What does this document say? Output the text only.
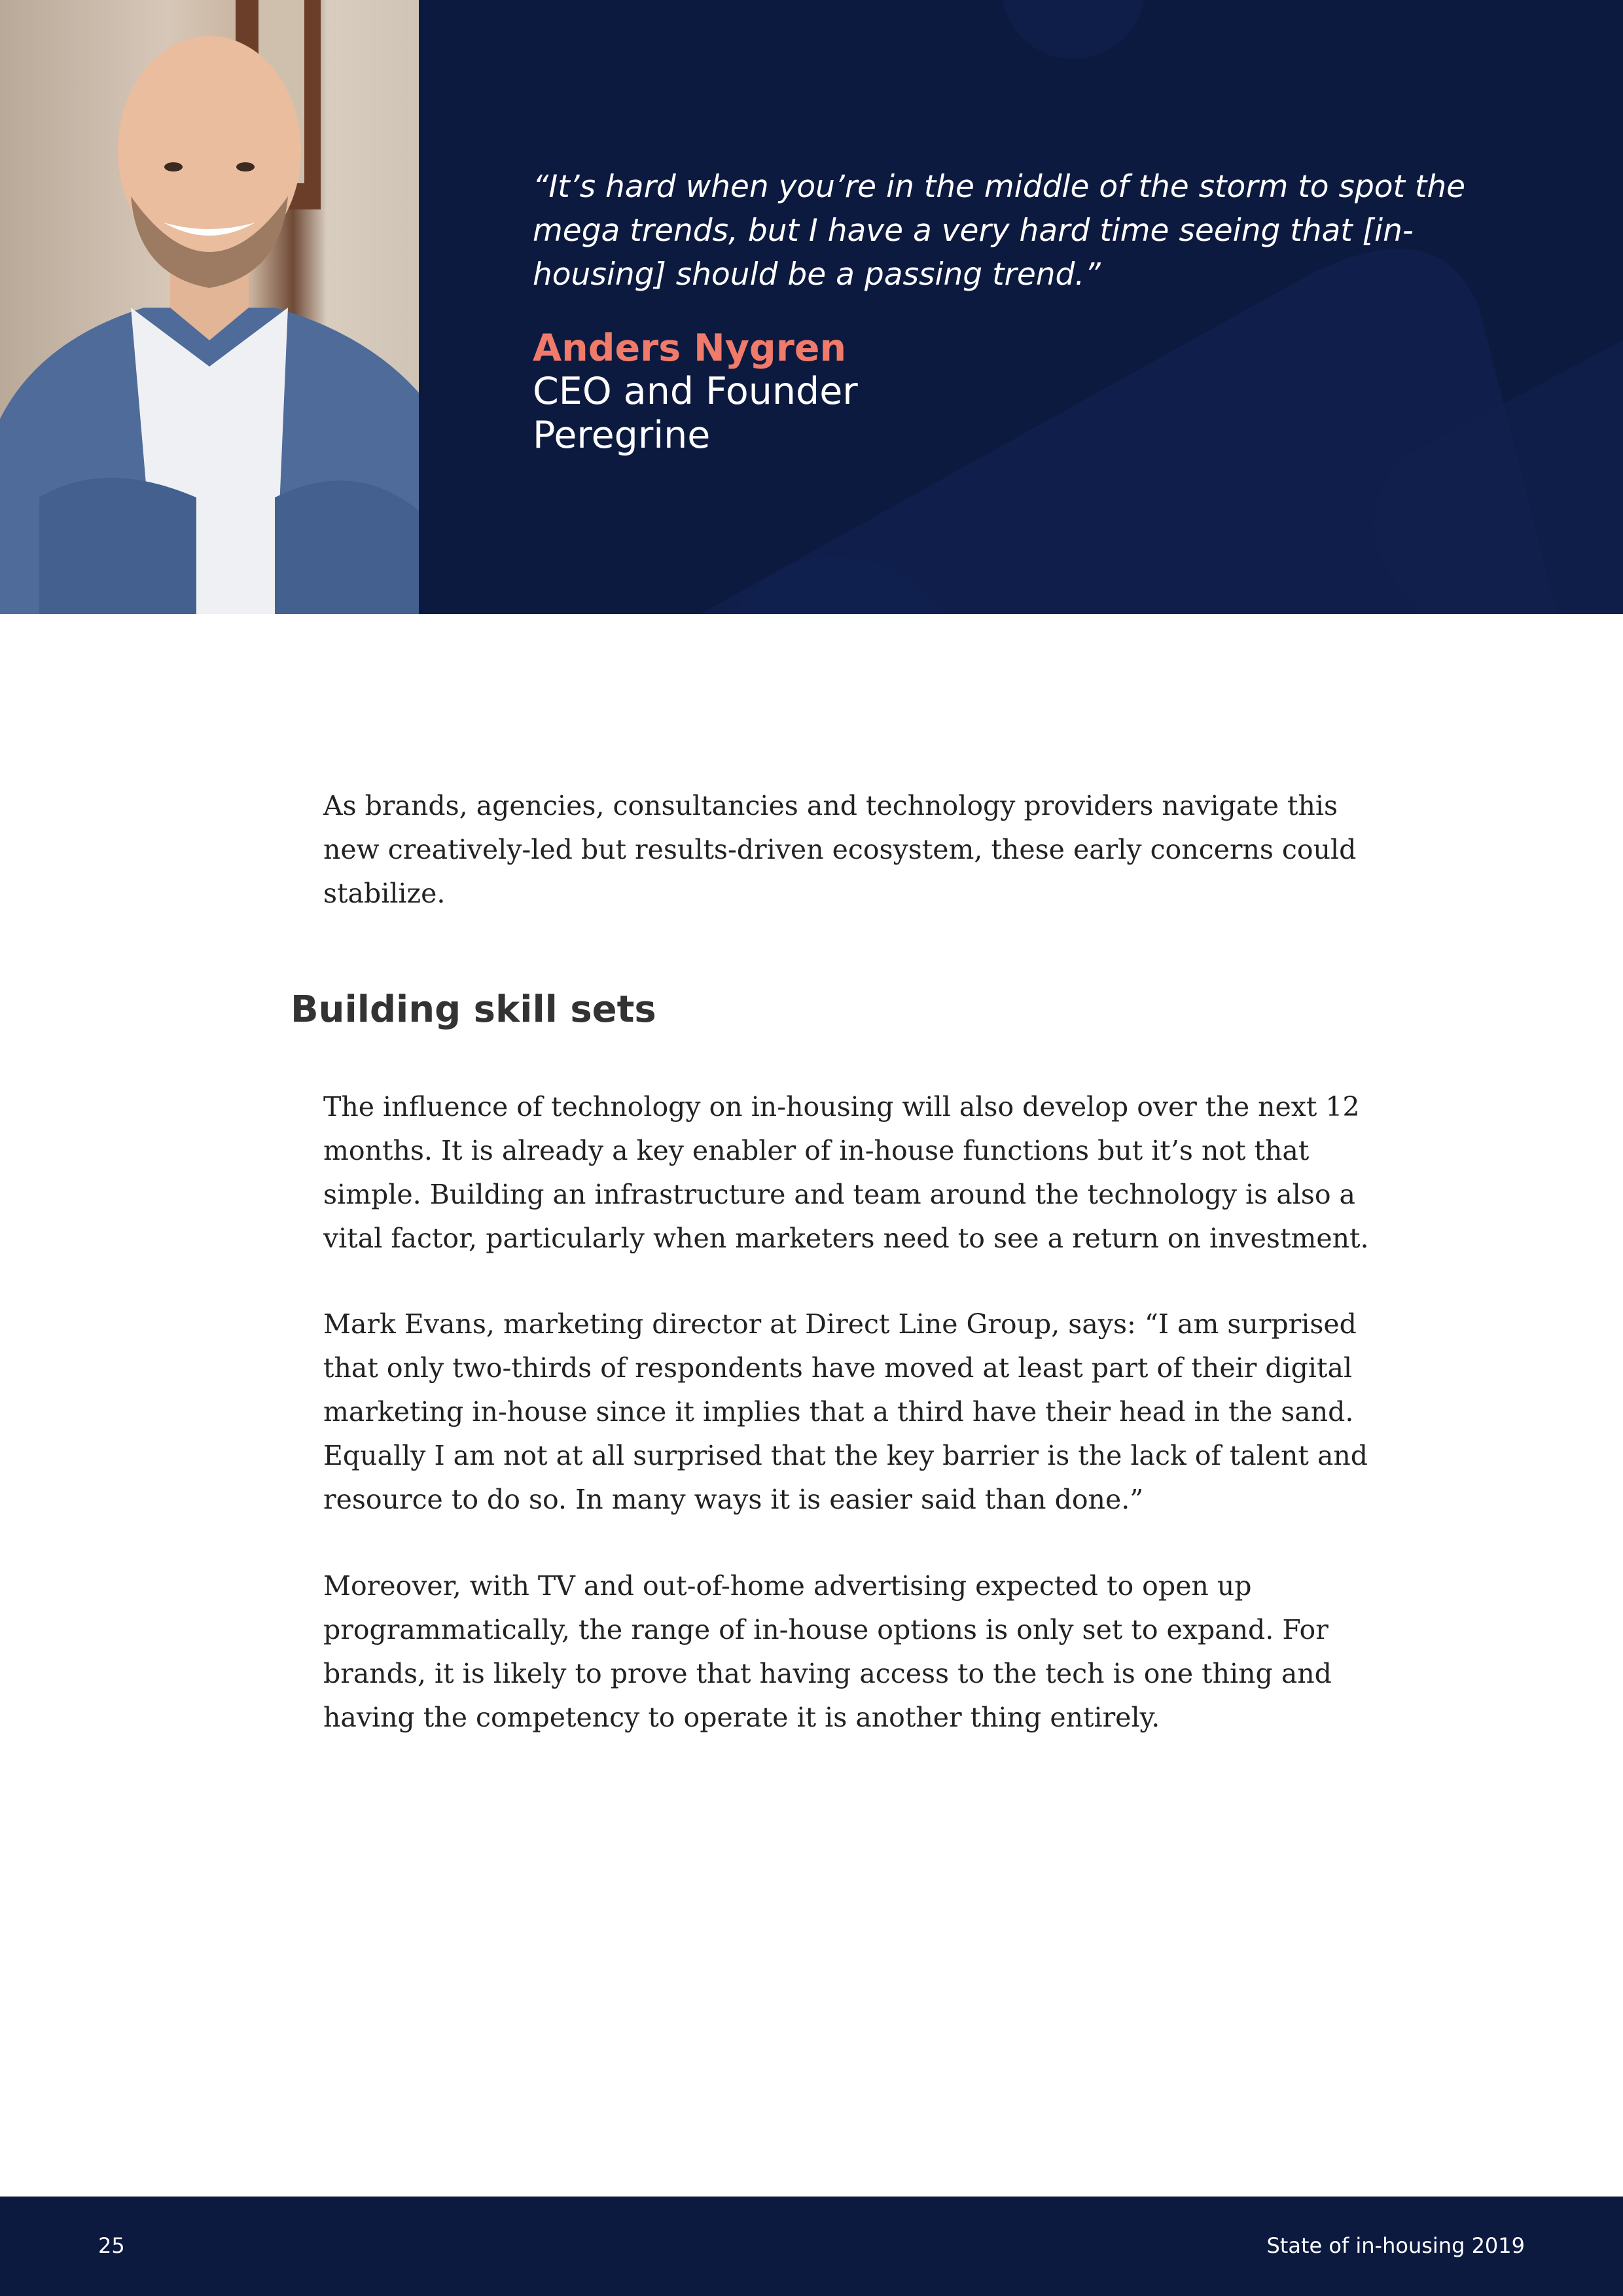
“It’s hard when you’re in the middle of the storm to spot the mega trends, but I have a very hard time seeing that [in-housing] should be a passing trend.”

Anders Nygren
CEO and Founder
Peregrine

As brands, agencies, consultancies and technology providers navigate this new creatively-led but results-driven ecosystem, these early concerns could stabilize.

Building skill sets

The influence of technology on in-housing will also develop over the next 12 months. It is already a key enabler of in-house functions but it’s not that simple. Building an infrastructure and team around the technology is also a vital factor, particularly when marketers need to see a return on investment.

Mark Evans, marketing director at Direct Line Group, says: “I am surprised that only two-thirds of respondents have moved at least part of their digital marketing in-house since it implies that a third have their head in the sand. Equally I am not at all surprised that the key barrier is the lack of talent and resource to do so. In many ways it is easier said than done.”

Moreover, with TV and out-of-home advertising expected to open up programmatically, the range of in-house options is only set to expand. For brands, it is likely to prove that having access to the tech is one thing and having the competency to operate it is another thing entirely.

25	State of in-housing 2019
